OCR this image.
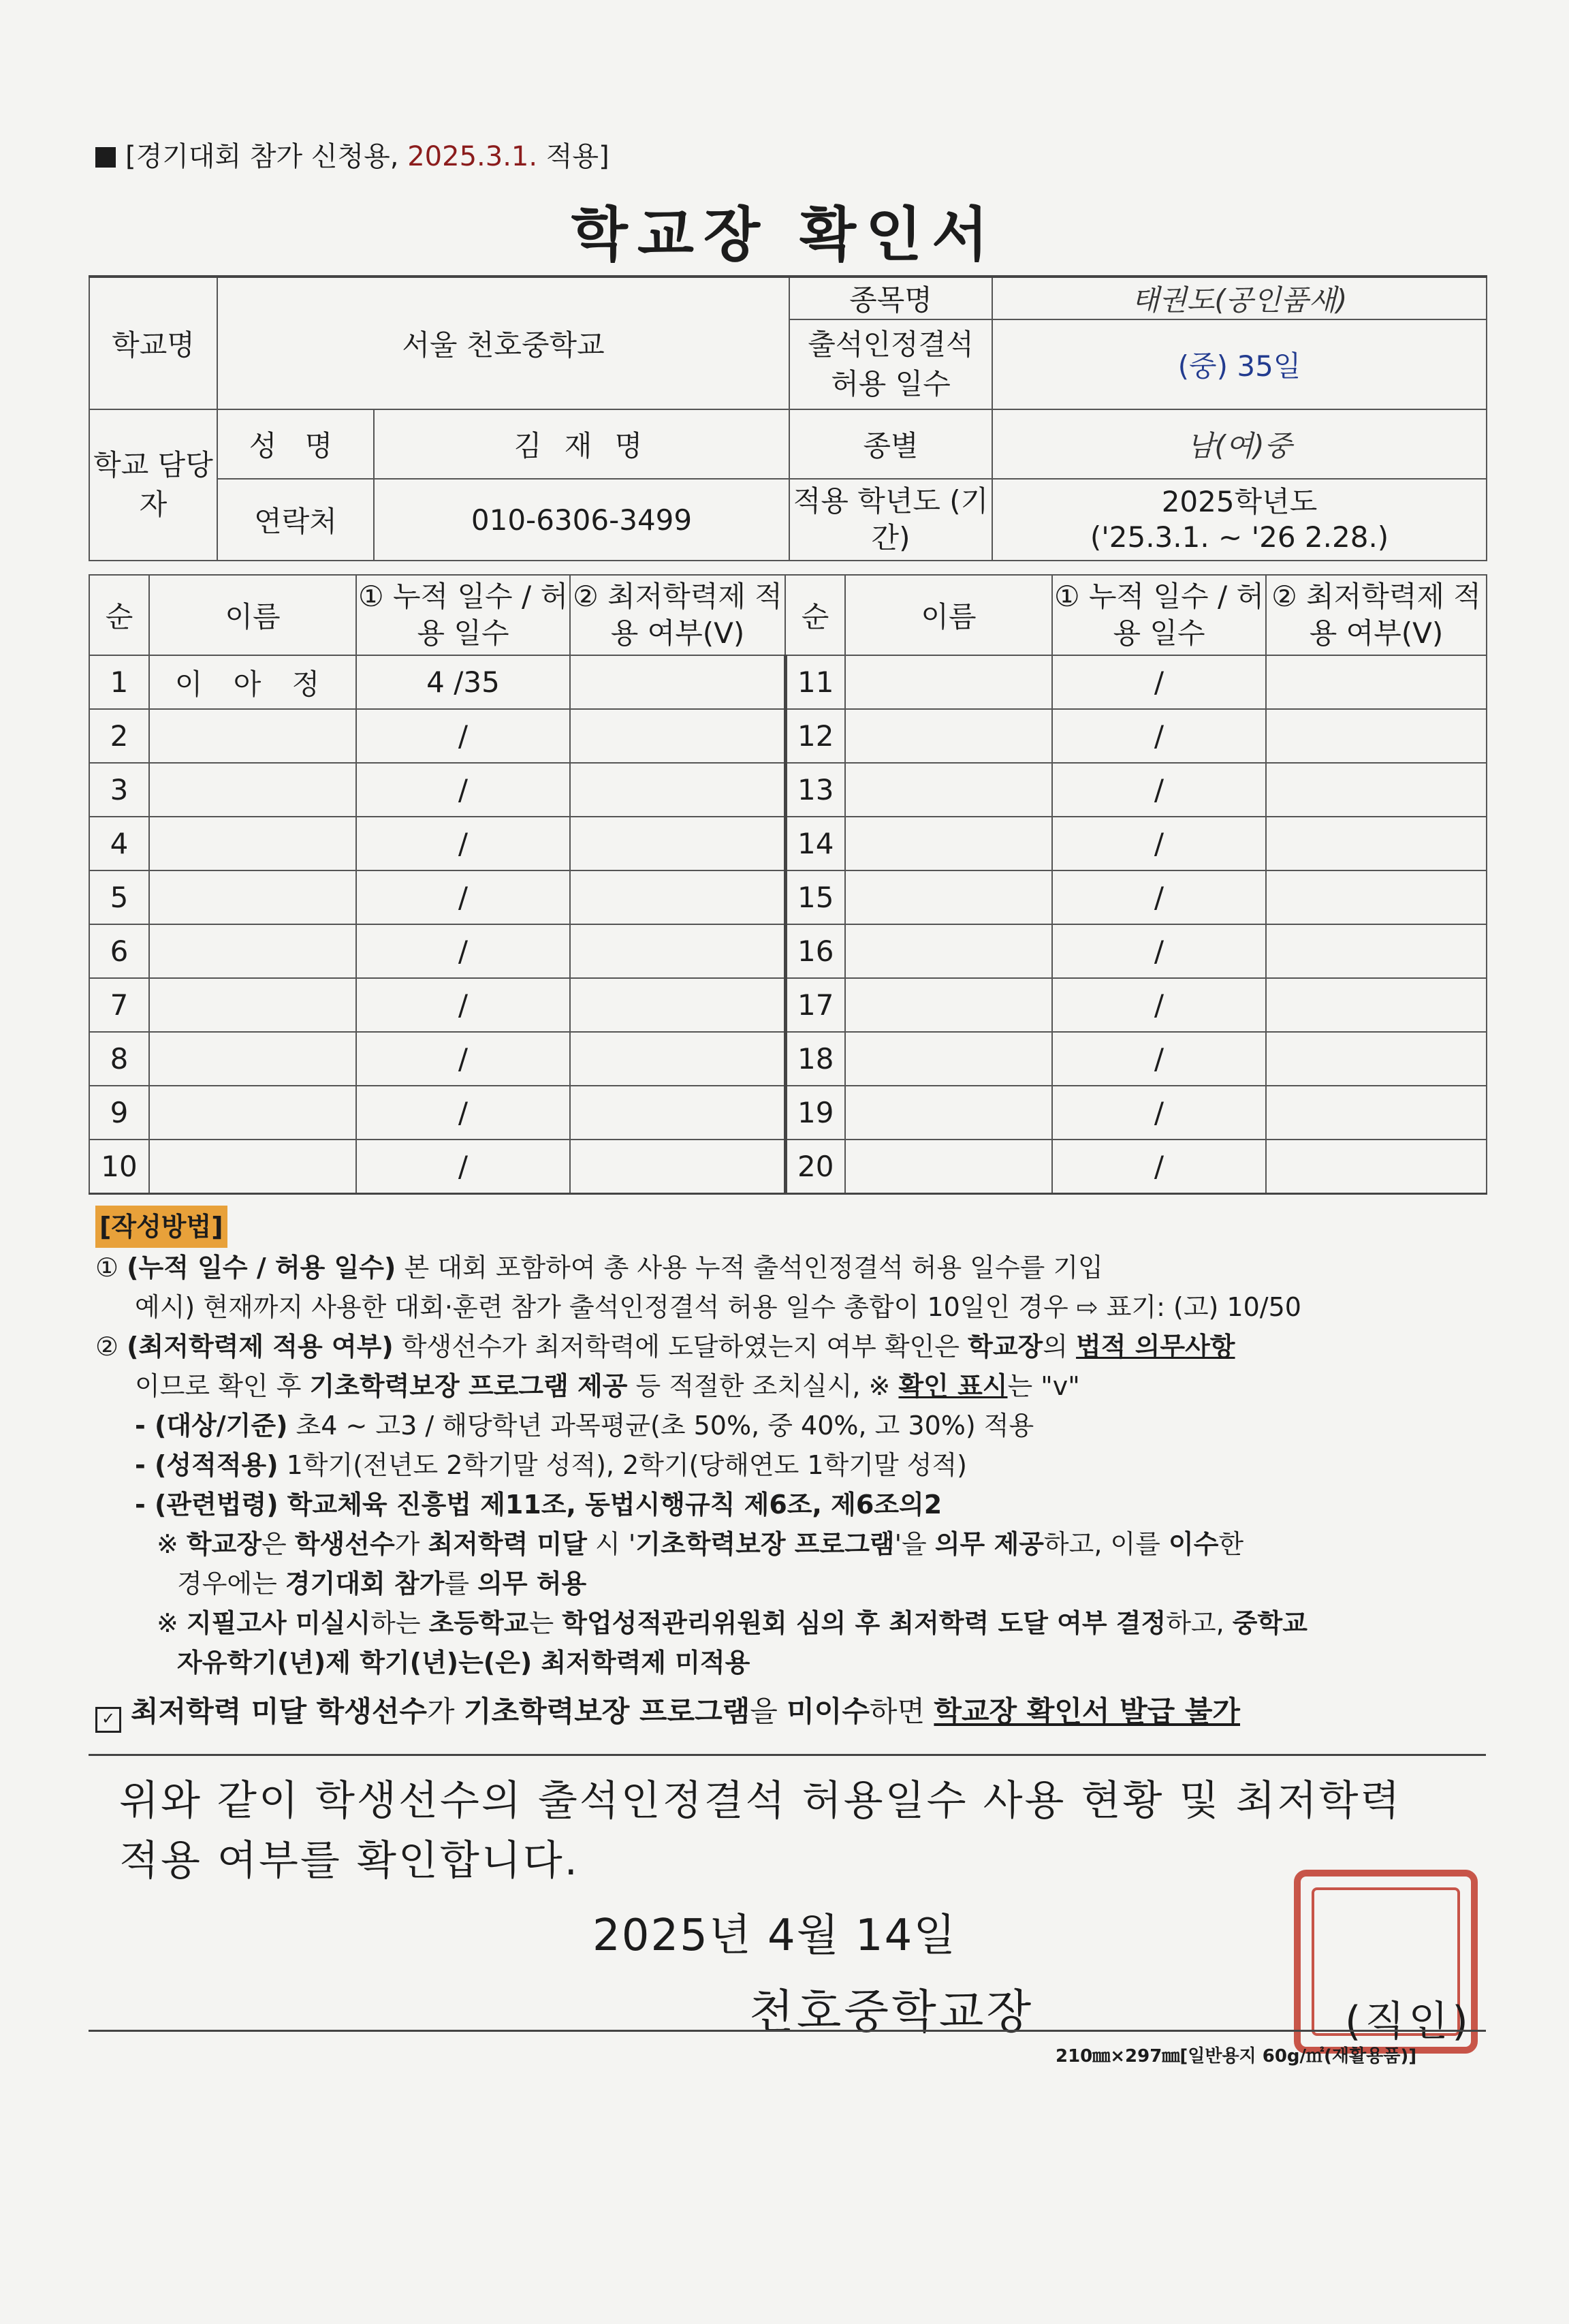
[경기대회 참가 신청용, 2025.3.1. 적용]
학교장 확인서
학교명	서울 천호중학교		종목명	태권도(공인품새)
			출석인정결석 허용 일수	(중) 35일
학교 담당자	성 명	김 재 명	종별	남(여)중
	연락처	010-6306-3499	적용 학년도 (기간)	2025학년도
('25.3.1. ~ '26 2.28.)
순	이름	① 누적 일수 / 허용 일수	② 최저학력제 적용 여부(V)	순	이름	① 누적 일수 / 허용 일수	② 최저학력제 적용 여부(V)
1	이 아 정	4 /35		11		/	
2		/		12		/	
3		/		13		/	
4		/		14		/	
5		/		15		/	
6		/		16		/	
7		/		17		/	
8		/		18		/	
9		/		19		/	
10		/		20		/	
[작성방법]
① (누적 일수 / 허용 일수) 본 대회 포함하여 총 사용 누적 출석인정결석 허용 일수를 기입
예시) 현재까지 사용한 대회·훈련 참가 출석인정결석 허용 일수 총합이 10일인 경우 ⇨ 표기: (고) 10/50
② (최저학력제 적용 여부) 학생선수가 최저학력에 도달하였는지 여부 확인은 학교장의 법적 의무사항
이므로 확인 후 기초학력보장 프로그램 제공 등 적절한 조치실시, ※ 확인 표시는 "v"
- (대상/기준) 초4 ~ 고3 / 해당학년 과목평균(초 50%, 중 40%, 고 30%) 적용
- (성적적용) 1학기(전년도 2학기말 성적), 2학기(당해연도 1학기말 성적)
- (관련법령) 학교체육 진흥법 제11조, 동법시행규칙 제6조, 제6조의2
※ 학교장은 학생선수가 최저학력 미달 시 '기초학력보장 프로그램'을 의무 제공하고, 이를 이수한
경우에는 경기대회 참가를 의무 허용
※ 지필고사 미실시하는 초등학교는 학업성적관리위원회 심의 후 최저학력 도달 여부 결정하고, 중학교
자유학기(년)제 학기(년)는(은) 최저학력제 미적용
✓ 최저학력 미달 학생선수가 기초학력보장 프로그램을 미이수하면 학교장 확인서 발급 불가
위와 같이 학생선수의 출석인정결석 허용일수 사용 현황 및 최저학력
적용 여부를 확인합니다.
2025년 4월 14일
천호중학교장	(직인)
210㎜×297㎜[일반용지 60g/㎡(재활용품)]
